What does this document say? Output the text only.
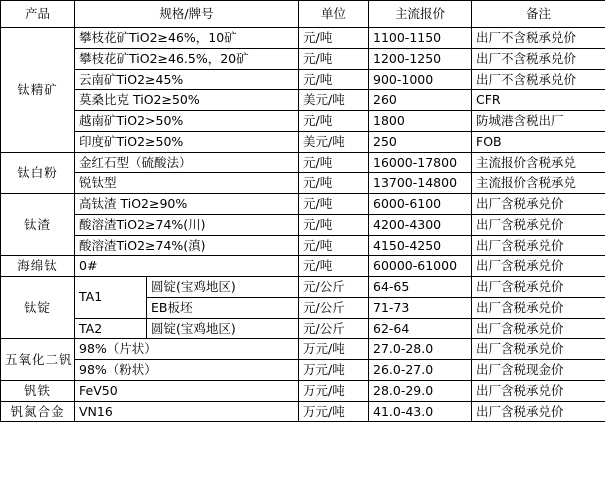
产品	规格/牌号		单位	主流报价	备注
钛精矿	攀枝花矿TiO2≥46%，10矿		元/吨	1100-1150	出厂不含税承兑价
	攀枝花矿TiO2≥46.5%，20矿		元/吨	1200-1250	出厂不含税承兑价
	云南矿TiO2≥45%		元/吨	900-1000	出厂不含税承兑价
	莫桑比克 TiO2≥50%		美元/吨	260	CFR
	越南矿TiO2>50%		元/吨	1800	防城港含税出厂
	印度矿TiO2≥50%		美元/吨	250	FOB
钛白粉	金红石型（硫酸法）		元/吨	16000-17800	主流报价含税承兑
	锐钛型		元/吨	13700-14800	主流报价含税承兑
钛渣	高钛渣 TiO2≥90%		元/吨	6000-6100	出厂含税承兑价
	酸溶渣TiO2≥74%(川)		元/吨	4200-4300	出厂含税承兑价
	酸溶渣TiO2≥74%(滇)		元/吨	4150-4250	出厂含税承兑价
海绵钛	0#		元/吨	60000-61000	出厂含税承兑价
钛锭	TA1	圆锭(宝鸡地区)	元/公斤	64-65	出厂含税承兑价
		EB板坯	元/公斤	71-73	出厂含税承兑价
	TA2	圆锭(宝鸡地区)	元/公斤	62-64	出厂含税承兑价
五氧化二钒	98%（片状）		万元/吨	27.0-28.0	出厂含税承兑价
	98%（粉状）		万元/吨	26.0-27.0	出厂含税现金价
钒铁	FeV50		万元/吨	28.0-29.0	出厂含税承兑价
钒氮合金	VN16		万元/吨	41.0-43.0	出厂含税承兑价
